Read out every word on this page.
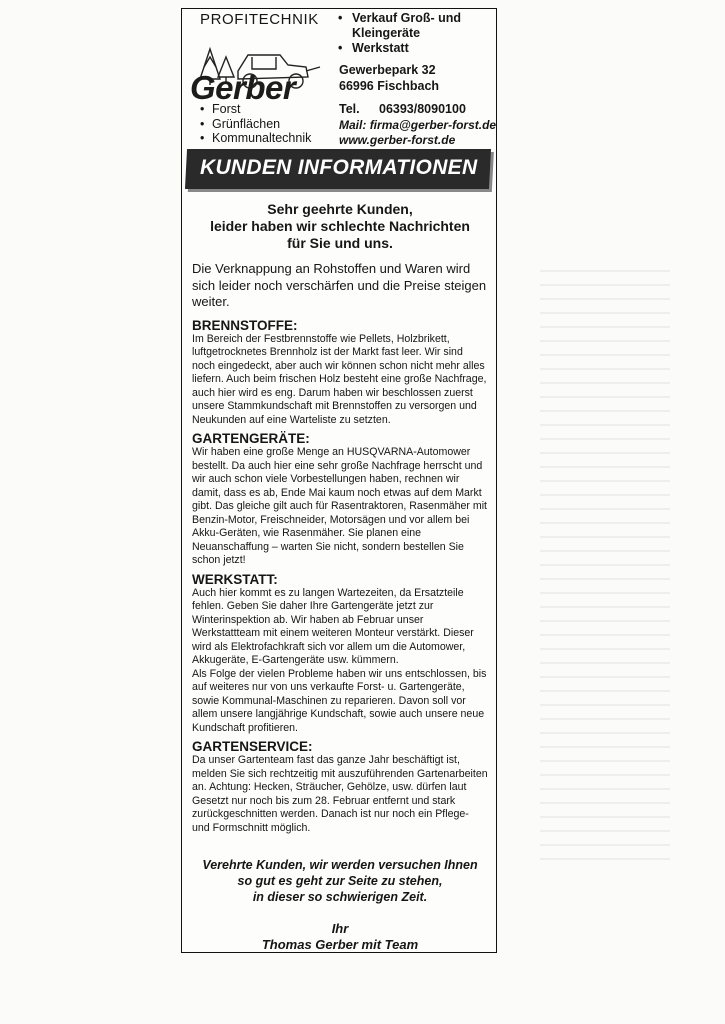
PROFITECHNIK
Gerber
• Forst
• Grünflächen
• Kommunaltechnik
• Verkauf Groß- und Kleingeräte
• Werkstatt
Gewerbepark 32
66996 Fischbach
Tel. 06393/8090100
Mail: firma@gerber-forst.de
www.gerber-forst.de
KUNDEN INFORMATIONEN
Sehr geehrte Kunden,
leider haben wir schlechte Nachrichten
für Sie und uns.

Die Verknappung an Rohstoffen und Waren wird sich leider noch verschärfen und die Preise steigen weiter.

BRENNSTOFFE:

Im Bereich der Festbrennstoffe wie Pellets, Holzbrikett, luftgetrocknetes Brennholz ist der Markt fast leer. Wir sind noch eingedeckt, aber auch wir können schon nicht mehr alles liefern. Auch beim frischen Holz besteht eine große Nachfrage, auch hier wird es eng. Darum haben wir beschlossen zuerst unsere Stammkundschaft mit Brennstoffen zu versorgen und Neukunden auf eine Warteliste zu setzten.

GARTENGERÄTE:

Wir haben eine große Menge an HUSQVARNA-Automower bestellt. Da auch hier eine sehr große Nachfrage herrscht und wir auch schon viele Vorbestellungen haben, rechnen wir damit, dass es ab, Ende Mai kaum noch etwas auf dem Markt gibt. Das gleiche gilt auch für Rasentraktoren, Rasenmäher mit Benzin-Motor, Freischneider, Motorsägen und vor allem bei Akku-Geräten, wie Rasenmäher. Sie planen eine Neuanschaffung – warten Sie nicht, sondern bestellen Sie schon jetzt!

WERKSTATT:

Auch hier kommt es zu langen Wartezeiten, da Ersatzteile fehlen. Geben Sie daher Ihre Gartengeräte jetzt zur Winterinspektion ab. Wir haben ab Februar unser Werkstattteam mit einem weiteren Monteur verstärkt. Dieser wird als Elektrofachkraft sich vor allem um die Automower, Akkugeräte, E-Gartengeräte usw. kümmern.

Als Folge der vielen Probleme haben wir uns entschlossen, bis auf weiteres nur von uns verkaufte Forst- u. Gartengeräte, sowie Kommunal-Maschinen zu reparieren. Davon soll vor allem unsere langjährige Kundschaft, sowie auch unsere neue Kundschaft profitieren.

GARTENSERVICE:

Da unser Gartenteam fast das ganze Jahr beschäftigt ist, melden Sie sich rechtzeitig mit auszuführenden Gartenarbeiten an. Achtung: Hecken, Sträucher, Gehölze, usw. dürfen laut Gesetzt nur noch bis zum 28. Februar entfernt und stark zurückgeschnitten werden. Danach ist nur noch ein Pflege- und Formschnitt möglich.

Verehrte Kunden, wir werden versuchen Ihnen
so gut es geht zur Seite zu stehen,
in dieser so schwierigen Zeit.
Ihr
Thomas Gerber mit Team
